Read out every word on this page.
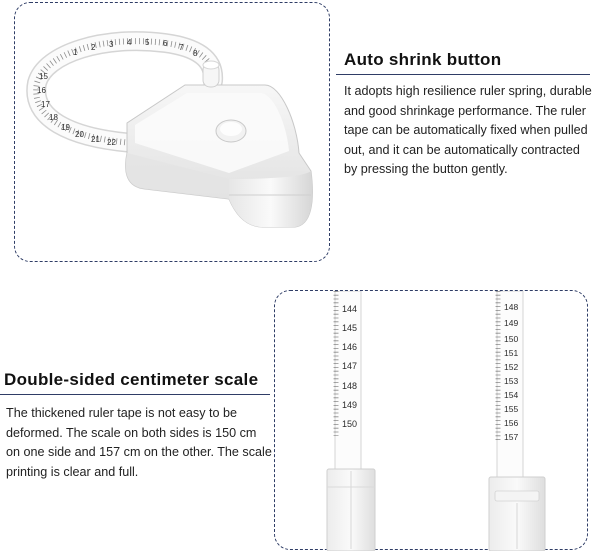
1
2 3 4 5 6 7
8
15
16
17
18
19
20
21 22
Auto shrink button
It adopts high resilience ruler spring, durable and good shrinkage performance. The ruler tape can be automatically fixed when pulled out, and it can be automatically contracted by pressing the button gently.
144
145
146
147
148
149
150
148
149
150
151
152
153
154
155
156
157
Double-sided centimeter scale
The thickened ruler tape is not easy to be deformed. The scale on both sides is 150 cm on one side and 157 cm on the other. The scale printing is clear and full.
